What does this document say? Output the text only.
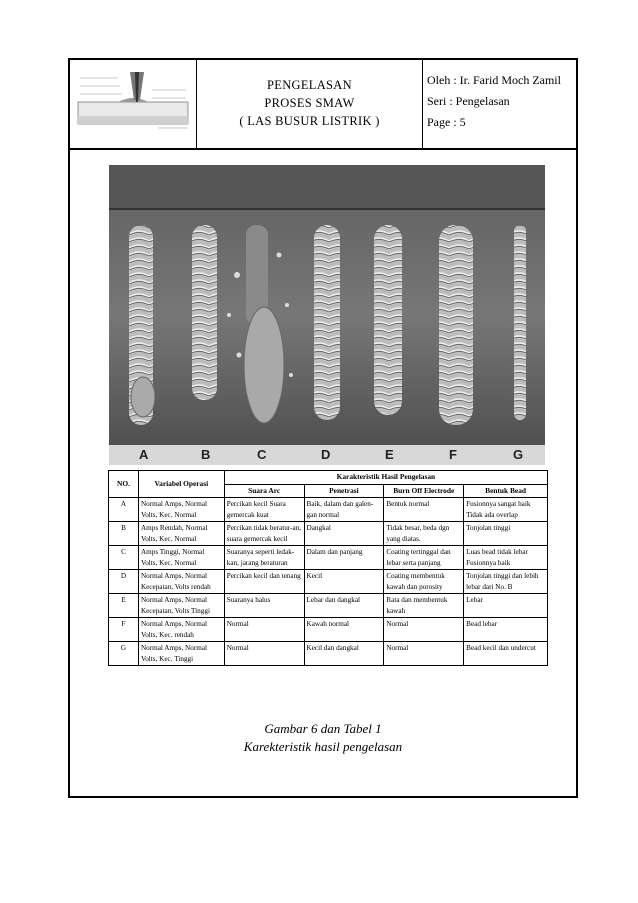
PENGELASAN
PROSES SMAW
( LAS BUSUR LISTRIK )
Oleh : Ir. Farid Moch Zamil
Seri : Pengelasan
Page : 5
A	B	C	D	E	F	G
NO.	Variabel Operasi	Karakteristik Hasil Pengelasan			
		Suara Arc	Penetrasi	Burn Off Electrode	Bentuk Bead
A	Normal Amps, Normal Volts, Kec. Normal	Percikan kecil Suara gemercak kuat	Baik, dalam dan galen-gan normal	Bentuk normal	Fusionnya sangat baik Tidak ada overlap
B	Amps Rendah, Normal Volts, Kec. Normal	Percikan tidak beratur-an, suara gemercak kecil	Dangkal	Tidak besar, beda dgn yang diatas.	Tonjolan tinggi
C	Amps Tinggi, Normal Volts, Kec. Normal	Suaranya seperti ledak-kan, jarang beraturan	Dalam dan panjang	Coating tertinggal dan lebar serta panjang	Luas bead tidak lebar Fusionnya baik
D	Normal Amps, Normal Kecepatan, Volts rendah	Percikan kecil dan tenang	Kecil	Coating membentuk kawah dan porosity	Tonjolan tinggi dan lebih lebar dari No. B
E	Normal Amps, Normal Kecepatan, Volts Tinggi	Suaranya halus	Lebar dan dangkal	Rata dan membentuk kawah	Lebar
F	Normal Amps, Normal Volts, Kec. rendah	Normal	Kawah normal	Normal	Bead lebar
G	Normal Amps, Normal Volts, Kec. Tinggi	Normal	Kecil dan dangkal	Normal	Bead kecil dan undercut
Gambar 6 dan Tabel 1
Karekteristik hasil pengelasan
